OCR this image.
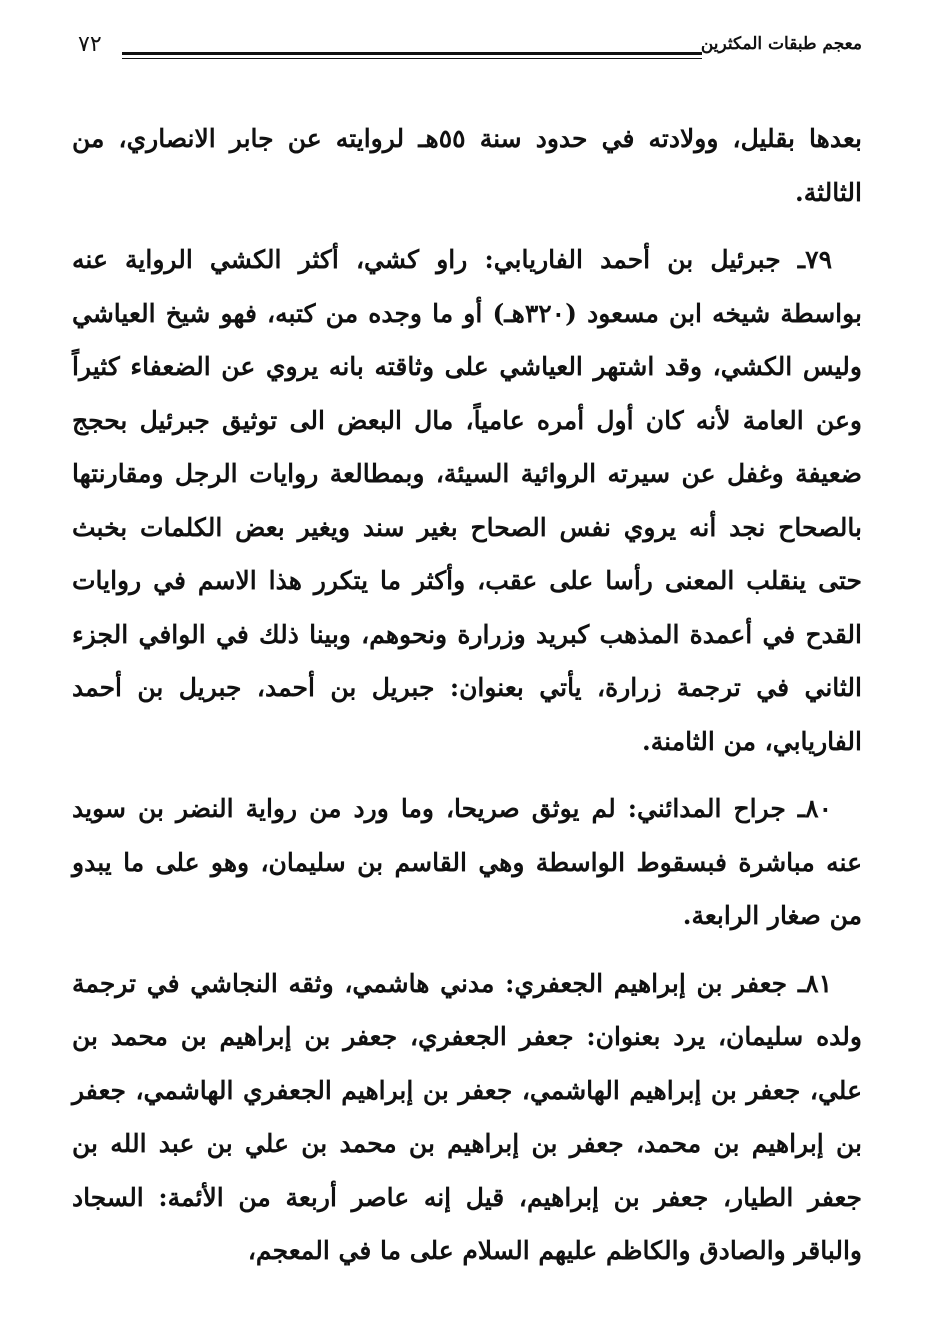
٧٢	معجم طبقات المكثرين

بعدها بقليل، وولادته في حدود سنة ٥٥هـ لروايته عن جابر الانصاري، من الثالثة.

٧٩ـ جبرئيل بن أحمد الفاريابي: راو كشي، أكثر الكشي الرواية عنه بواسطة شيخه ابن مسعود (٣٢٠هـ) أو ما وجده من كتبه، فهو شيخ العياشي وليس الكشي، وقد اشتهر العياشي على وثاقته بانه يروي عن الضعفاء كثيراً وعن العامة لأنه كان أول أمره عامياً، مال البعض الى توثيق جبرئيل بحجج ضعيفة وغفل عن سيرته الروائية السيئة، وبمطالعة روايات الرجل ومقارنتها بالصحاح نجد أنه يروي نفس الصحاح بغير سند ويغير بعض الكلمات بخبث حتى ينقلب المعنى رأسا على عقب، وأكثر ما يتكرر هذا الاسم في روايات القدح في أعمدة المذهب كبريد وزرارة ونحوهم، وبينا ذلك في الوافي الجزء الثاني في ترجمة زرارة، يأتي بعنوان: جبريل بن أحمد، جبريل بن أحمد الفاريابي، من الثامنة.

٨٠ـ جراح المدائني: لم يوثق صريحا، وما ورد من رواية النضر بن سويد عنه مباشرة فبسقوط الواسطة وهي القاسم بن سليمان، وهو على ما يبدو من صغار الرابعة.

٨١ـ جعفر بن إبراهيم الجعفري: مدني هاشمي، وثقه النجاشي في ترجمة ولده سليمان، يرد بعنوان: جعفر الجعفري، جعفر بن إبراهيم بن محمد بن علي، جعفر بن إبراهيم الهاشمي، جعفر بن إبراهيم الجعفري الهاشمي، جعفر بن إبراهيم بن محمد، جعفر بن إبراهيم بن محمد بن علي بن عبد الله بن جعفر الطيار، جعفر بن إبراهيم، قيل إنه عاصر أربعة من الأئمة: السجاد والباقر والصادق والكاظم عليهم السلام على ما في المعجم،
